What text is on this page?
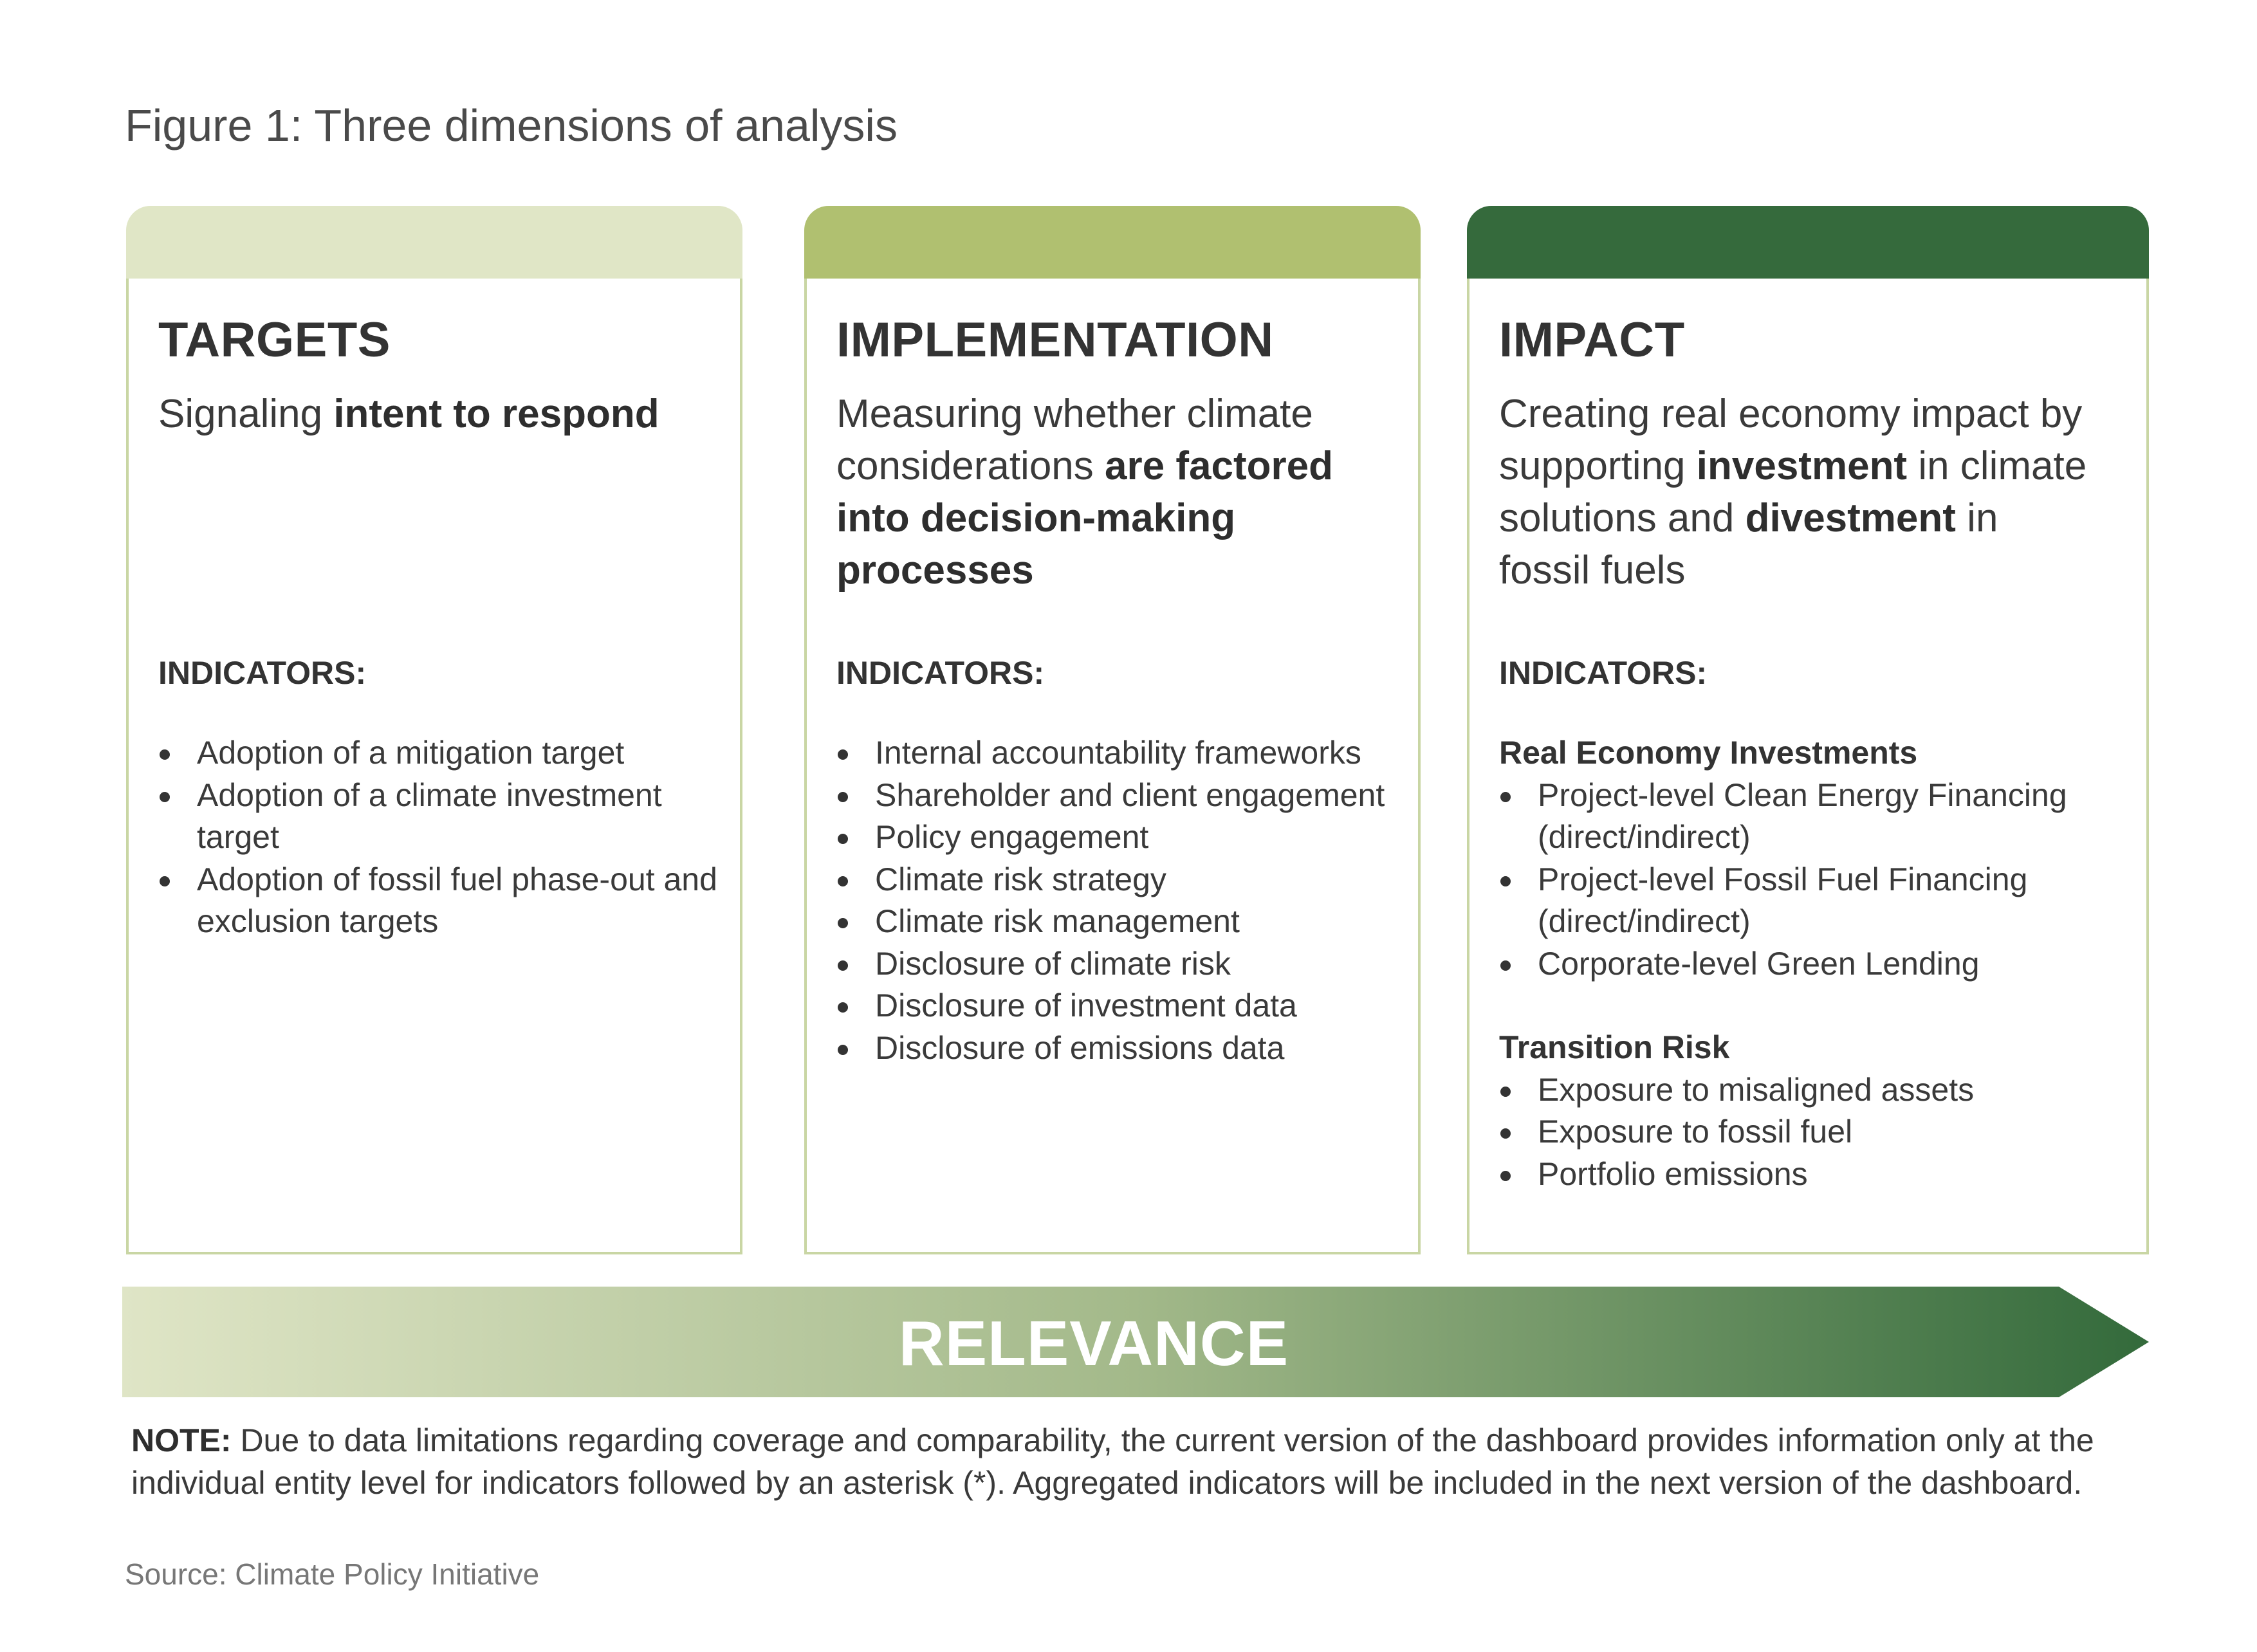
Figure 1: Three dimensions of analysis
TARGETS

Signaling intent to respond

INDICATORS:

Adoption of a mitigation target
Adoption of a climate investment target
Adoption of fossil fuel phase-out and exclusion targets
IMPLEMENTATION

Measuring whether climate considerations are factored into decision-making processes

INDICATORS:

Internal accountability frameworks
Shareholder and client engagement
Policy engagement
Climate risk strategy
Climate risk management
Disclosure of climate risk
Disclosure of investment data
Disclosure of emissions data
IMPACT

Creating real economy impact by supporting investment in climate solutions and divestment in fossil fuels

INDICATORS:

Real Economy Investments
Project-level Clean Energy Financing (direct/indirect)
Project-level Fossil Fuel Financing (direct/indirect)
Corporate-level Green Lending
Transition Risk
Exposure to misaligned assets
Exposure to fossil fuel
Portfolio emissions
RELEVANCE
NOTE: Due to data limitations regarding coverage and comparability, the current version of the dashboard provides information only at the individual entity level for indicators followed by an asterisk (*). Aggregated indicators will be included in the next version of the dashboard.
Source: Climate Policy Initiative
